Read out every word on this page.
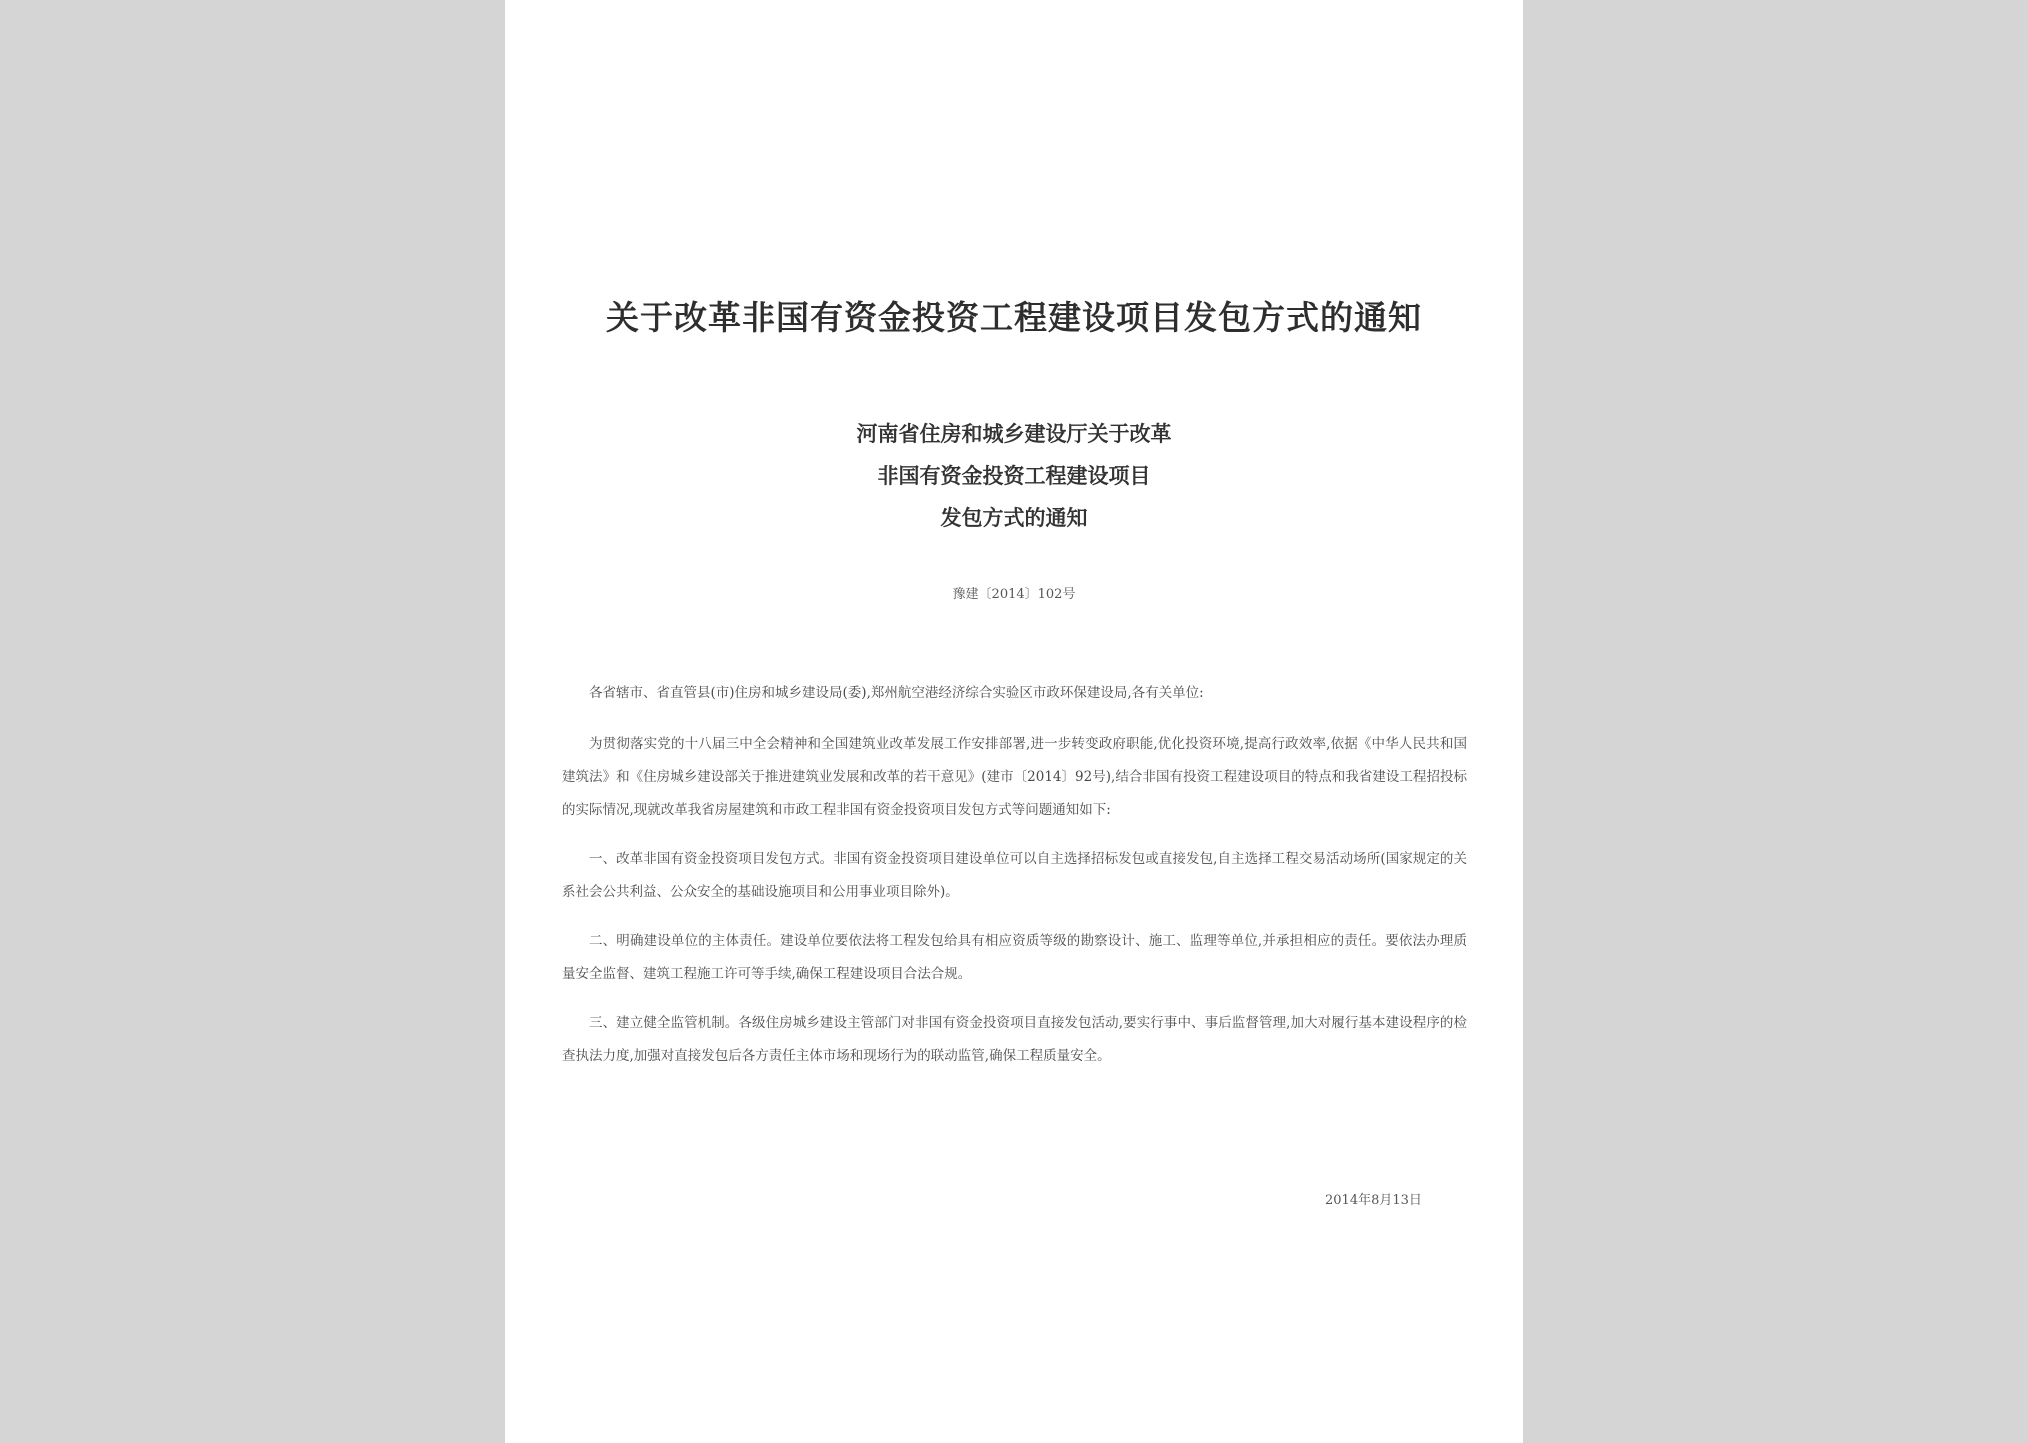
关于改革非国有资金投资工程建设项目发包方式的通知
河南省住房和城乡建设厅关于改革
非国有资金投资工程建设项目
发包方式的通知
豫建〔2014〕102号

各省辖市、省直管县(市)住房和城乡建设局(委),郑州航空港经济综合实验区市政环保建设局,各有关单位:

为贯彻落实党的十八届三中全会精神和全国建筑业改革发展工作安排部署,进一步转变政府职能,优化投资环境,提高行政效率,依据《中华人民共和国建筑法》和《住房城乡建设部关于推进建筑业发展和改革的若干意见》(建市〔2014〕92号),结合非国有投资工程建设项目的特点和我省建设工程招投标的实际情况,现就改革我省房屋建筑和市政工程非国有资金投资项目发包方式等问题通知如下:

一、改革非国有资金投资项目发包方式。非国有资金投资项目建设单位可以自主选择招标发包或直接发包,自主选择工程交易活动场所(国家规定的关系社会公共利益、公众安全的基础设施项目和公用事业项目除外)。

二、明确建设单位的主体责任。建设单位要依法将工程发包给具有相应资质等级的勘察设计、施工、监理等单位,并承担相应的责任。要依法办理质量安全监督、建筑工程施工许可等手续,确保工程建设项目合法合规。

三、建立健全监管机制。各级住房城乡建设主管部门对非国有资金投资项目直接发包活动,要实行事中、事后监督管理,加大对履行基本建设程序的检查执法力度,加强对直接发包后各方责任主体市场和现场行为的联动监管,确保工程质量安全。

2014年8月13日
